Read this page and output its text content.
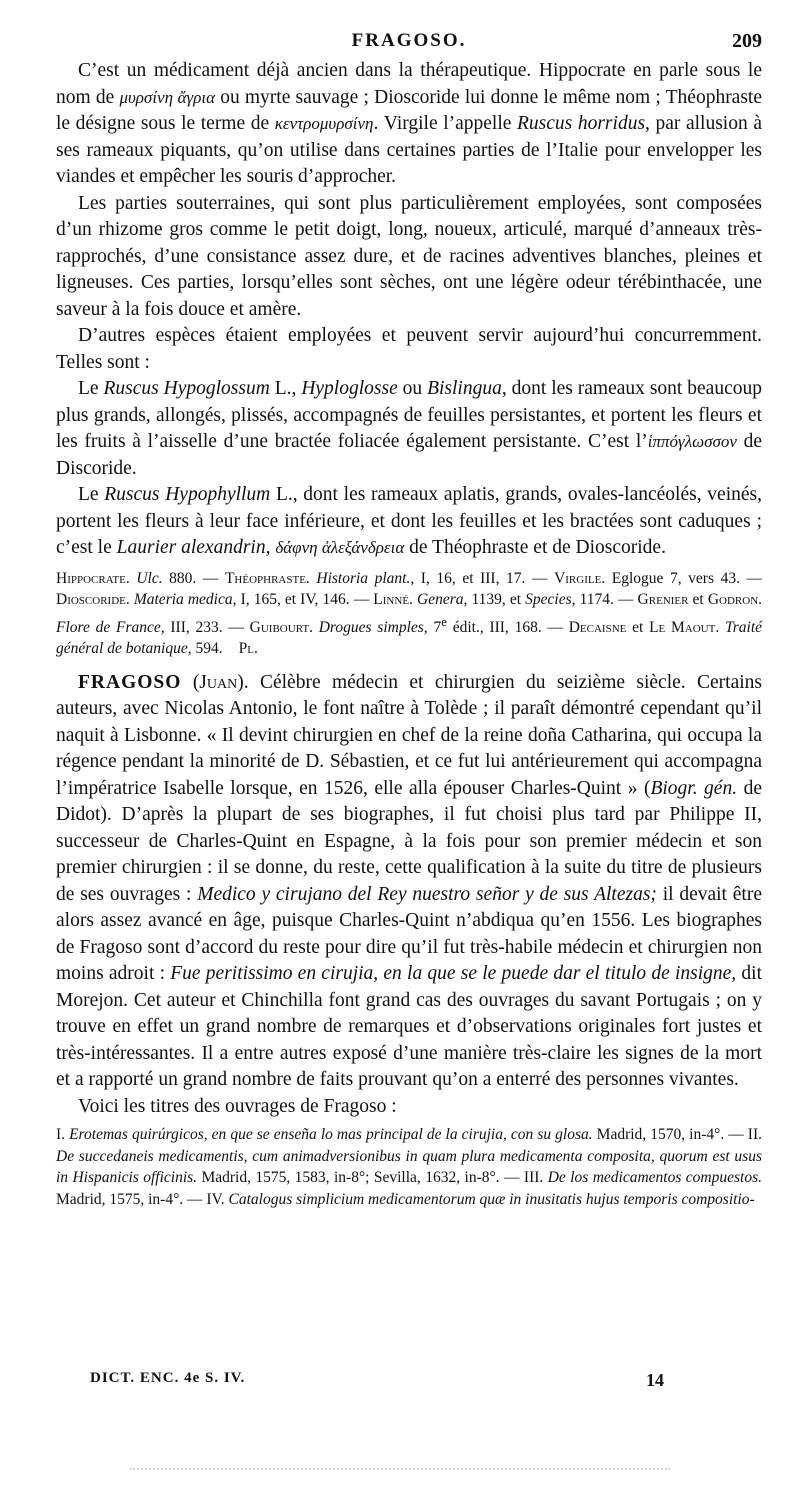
FRAGOSO.	209

C’est un médicament déjà ancien dans la thérapeutique. Hippocrate en parle sous le nom de μυρσίνη ἄγρια ou myrte sauvage ; Dioscoride lui donne le même nom ; Théophraste le désigne sous le terme de κεντρομυρσίνη. Virgile l’appelle Ruscus horridus, par allusion à ses rameaux piquants, qu’on utilise dans certaines parties de l’Italie pour envelopper les viandes et empêcher les souris d’approcher.

Les parties souterraines, qui sont plus particulièrement employées, sont composées d’un rhizome gros comme le petit doigt, long, noueux, articulé, marqué d’anneaux très-rapprochés, d’une consistance assez dure, et de racines adventives blanches, pleines et ligneuses. Ces parties, lorsqu’elles sont sèches, ont une légère odeur térébinthacée, une saveur à la fois douce et amère.

D’autres espèces étaient employées et peuvent servir aujourd’hui concurremment. Telles sont :

Le Ruscus Hypoglossum L., Hyploglosse ou Bislingua, dont les rameaux sont beaucoup plus grands, allongés, plissés, accompagnés de feuilles persistantes, et portent les fleurs et les fruits à l’aisselle d’une bractée foliacée également persistante. C’est l’ἱππόγλωσσον de Discoride.

Le Ruscus Hypophyllum L., dont les rameaux aplatis, grands, ovales-lancéolés, veinés, portent les fleurs à leur face inférieure, et dont les feuilles et les bractées sont caduques ; c’est le Laurier alexandrin, δάφνη ἀλεξάνδρεια de Théophraste et de Dioscoride.

Hippocrate. Ulc. 880. — Théophraste. Historia plant., I, 16, et III, 17. — Virgile. Eglogue 7, vers 43. — Dioscoride. Materia medica, I, 165, et IV, 146. — Linné. Genera, 1139, et Species, 1174. — Grenier et Godron. Flore de France, III, 233. — Guibourt. Drogues simples, 7e édit., III, 168. — Decaisne et Le Maout. Traité général de botanique, 594. Pl.

FRAGOSO (Juan). Célèbre médecin et chirurgien du seizième siècle. Certains auteurs, avec Nicolas Antonio, le font naître à Tolède ; il paraît démontré cependant qu’il naquit à Lisbonne. « Il devint chirurgien en chef de la reine doña Catharina, qui occupa la régence pendant la minorité de D. Sébastien, et ce fut lui antérieurement qui accompagna l’impératrice Isabelle lorsque, en 1526, elle alla épouser Charles-Quint » (Biogr. gén. de Didot). D’après la plupart de ses biographes, il fut choisi plus tard par Philippe II, successeur de Charles-Quint en Espagne, à la fois pour son premier médecin et son premier chirurgien : il se donne, du reste, cette qualification à la suite du titre de plusieurs de ses ouvrages : Medico y cirujano del Rey nuestro señor y de sus Altezas; il devait être alors assez avancé en âge, puisque Charles-Quint n’abdiqua qu’en 1556. Les biographes de Fragoso sont d’accord du reste pour dire qu’il fut très-habile médecin et chirurgien non moins adroit : Fue peritissimo en cirujia, en la que se le puede dar el titulo de insigne, dit Morejon. Cet auteur et Chinchilla font grand cas des ouvrages du savant Portugais ; on y trouve en effet un grand nombre de remarques et d’observations originales fort justes et très-intéressantes. Il a entre autres exposé d’une manière très-claire les signes de la mort et a rapporté un grand nombre de faits prouvant qu’on a enterré des personnes vivantes.

Voici les titres des ouvrages de Fragoso :

I. Erotemas quirúrgicos, en que se enseña lo mas principal de la cirujia, con su glosa. Madrid, 1570, in-4°. — II. De succedaneis medicamentis, cum animadversionibus in quam plura medicamenta composita, quorum est usus in Hispanicis officinis. Madrid, 1575, 1583, in-8°; Sevilla, 1632, in-8°. — III. De los medicamentos compuestos. Madrid, 1575, in-4°. — IV. Catalogus simplicium medicamentorum quæ in inusitatis hujus temporis compositio-
DICT. ENC. 4e S. IV.	14
